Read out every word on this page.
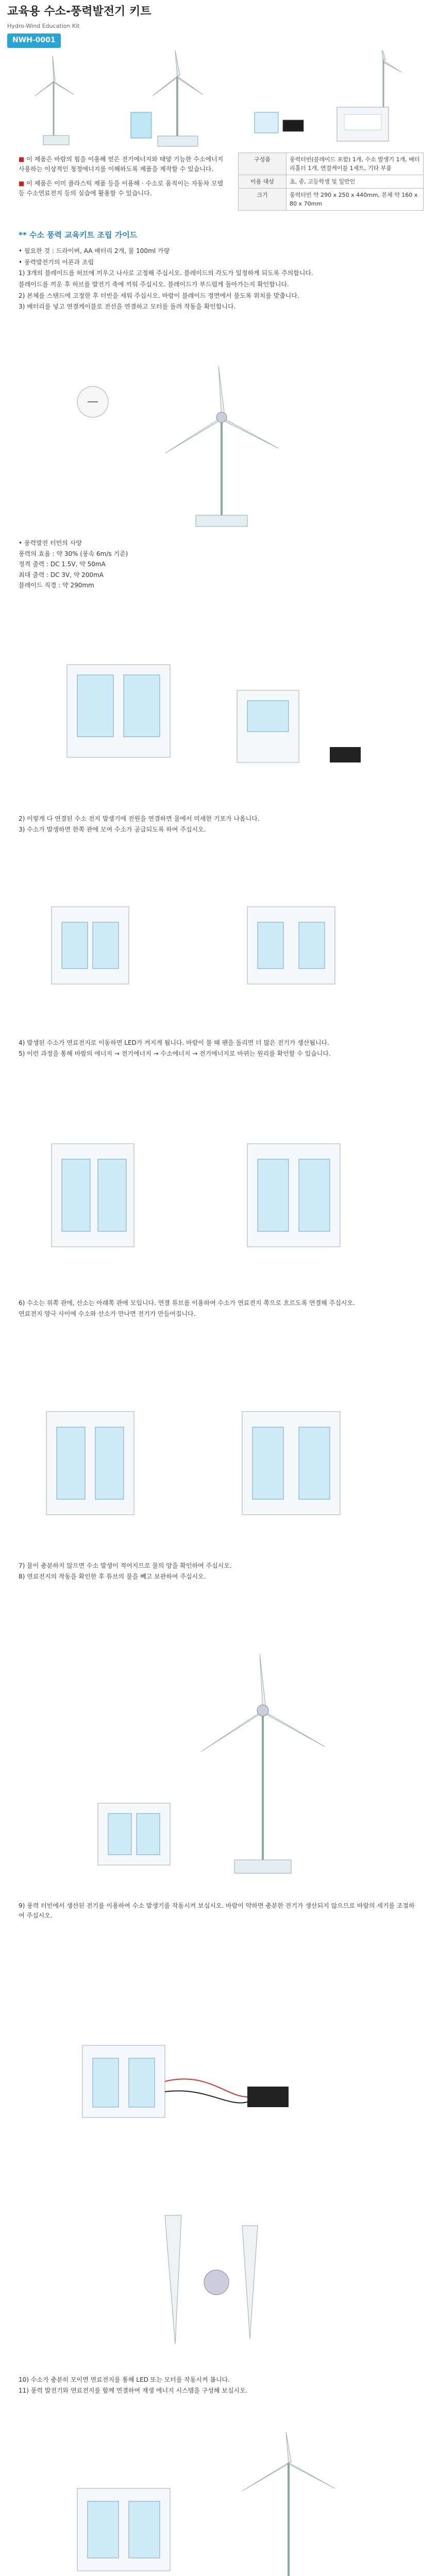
교육용 수소-풍력발전기 키트
Hydro-Wind Education Kit
NWH-0001

■ 이 제품은 바람의 힘을 이용해 얻은 전기에너지와 태양 기능한 수소에너지 사용하는 이상적인 청정에너지를 이해하도록 제품을 제작할 수 있습니다.

■ 이 제품은 이미 플라스틱 제품 등을 이용해 · 수소로 움직이는 자동차 모델 등 수소연료전지 등의 실습에 활용할 수 있습니다.

구성품	풍력터빈(블레이드 포함) 1개, 수소 발생기 1개, 배터리홀더 1개, 연결케이블 1세트, 기타 부품
이용 대상	초, 중, 고등학생 및 일반인
크기	풍력터빈 약 290 x 250 x 440mm, 본체 약 160 x 80 x 70mm
** 수소 풍력 교육키트 조립 가이드

• 필요한 것 : 드라이버, AA 배터리 2개, 물 100ml 가량

• 풍력발전기의 이론과 조립

1) 3개의 블레이드를 허브에 끼우고 나사로 고정해 주십시오. 블레이드의 각도가 일정하게 되도록 주의합니다.

블레이드를 끼운 후 허브를 발전기 축에 끼워 주십시오. 블레이드가 부드럽게 돌아가는지 확인합니다.

2) 본체를 스탠드에 고정한 후 터빈을 세워 주십시오. 바람이 블레이드 정면에서 불도록 위치를 맞춥니다.

3) 배터리를 넣고 연결케이블로 전선을 연결하고 모터를 돌려 작동을 확인합니다.

• 풍력발전 터빈의 사양

풍력의 효율 : 약 30% (풍속 6m/s 기준)

정격 출력 : DC 1.5V, 약 50mA

최대 출력 : DC 3V, 약 200mA

블레이드 직경 : 약 290mm

2) 이렇게 다 연결된 수소 전지 발생기에 전원을 연결하면 물에서 미세한 기포가 나옵니다.

3) 수소가 발생하면 한쪽 관에 모여 수소가 공급되도록 하여 주십시오.

4) 발생된 수소가 연료전지로 이동하면 LED가 켜지게 됩니다. 바람이 불 때 팬을 돌리면 더 많은 전기가 생산됩니다.

5) 이런 과정을 통해 바람의 에너지 → 전기에너지 → 수소에너지 → 전기에너지로 바뀌는 원리를 확인할 수 있습니다.

6) 수소는 위쪽 관에, 산소는 아래쪽 관에 모입니다. 연결 튜브를 이용하여 수소가 연료전지 쪽으로 흐르도록 연결해 주십시오.

연료전지 양극 사이에 수소와 산소가 만나면 전기가 만들어집니다.

7) 물이 충분하지 않으면 수소 발생이 적어지므로 물의 양을 확인하여 주십시오.

8) 연료전지의 작동을 확인한 후 튜브의 물을 빼고 보관하여 주십시오.

9) 풍력 터빈에서 생산된 전기를 이용하여 수소 발생기를 작동시켜 보십시오. 바람이 약하면 충분한 전기가 생산되지 않으므로 바람의 세기를 조절하여 주십시오.

10) 수소가 충분히 모이면 연료전지를 통해 LED 또는 모터를 작동시켜 봅니다.

11) 풍력 발전기와 연료전지를 함께 연결하여 재생 에너지 시스템을 구성해 보십시오.
